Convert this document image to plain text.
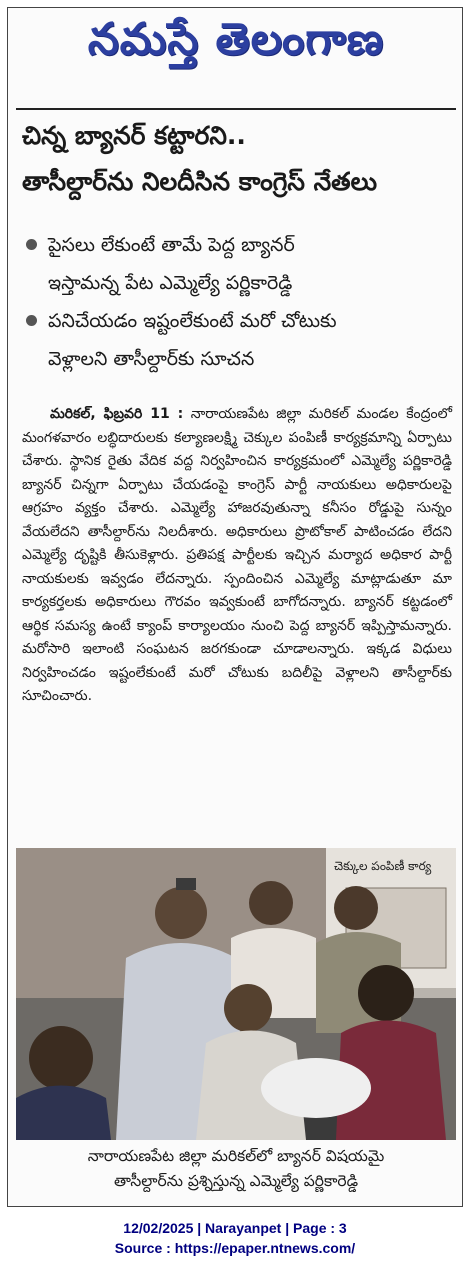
నమస్తే తెలంగాణ
చిన్న బ్యానర్ కట్టారని..
తాసీల్దార్‌ను నిలదీసిన కాంగ్రెస్ నేతలు
పైసలు లేకుంటే తామే పెద్ద బ్యానర్
ఇస్తామన్న పేట ఎమ్మెల్యే పర్ణికారెడ్డి
పనిచేయడం ఇష్టంలేకుంటే మరో చోటుకు
వెళ్లాలని తాసీల్దార్‌కు సూచన
మరికల్, ఫిబ్రవరి 11 : నారాయణపేట జిల్లా మరికల్ మండల కేంద్రంలో మంగళవారం లబ్ధిదారులకు కల్యాణలక్ష్మి చెక్కుల పంపిణీ కార్యక్రమాన్ని ఏర్పాటు చేశారు. స్థానిక రైతు వేదిక వద్ద నిర్వహించిన కార్యక్రమంలో ఎమ్మెల్యే పర్ణికారెడ్డి బ్యానర్ చిన్నగా ఏర్పాటు చేయడంపై కాంగ్రెస్ పార్టీ నాయకులు అధికారులపై ఆగ్రహం వ్యక్తం చేశారు. ఎమ్మెల్యే హాజరవుతున్నా కనీసం రోడ్డుపై సున్నం వేయలేదని తాసీల్దార్‌ను నిలదీశారు. అధికారులు ప్రొటోకాల్ పాటించడం లేదని ఎమ్మెల్యే దృష్టికి తీసుకెళ్లారు. ప్రతిపక్ష పార్టీలకు ఇచ్చిన మర్యాద అధికార పార్టీ నాయకులకు ఇవ్వడం లేదన్నారు. స్పందించిన ఎమ్మెల్యే మాట్లాడుతూ మా కార్యకర్తలకు అధికారులు గౌరవం ఇవ్వకుంటే బాగోదన్నారు. బ్యానర్ కట్టడంలో ఆర్థిక సమస్య ఉంటే క్యాంప్ కార్యాలయం నుంచి పెద్ద బ్యానర్ ఇప్పిస్తామన్నారు. మరోసారి ఇలాంటి సంఘటన జరగకుండా చూడాలన్నారు. ఇక్కడ విధులు నిర్వహించడం ఇష్టంలేకుంటే మరో చోటుకు బదిలీపై వెళ్లాలని తాసీల్దార్‌కు సూచించారు.
చెక్కుల పంపిణీ కార్య
నారాయణపేట జిల్లా మరికల్‌లో బ్యానర్ విషయమై
తాసీల్దార్‌ను ప్రశ్నిస్తున్న ఎమ్మెల్యే పర్ణికారెడ్డి
12/02/2025 | Narayanpet | Page : 3
Source : https://epaper.ntnews.com/
